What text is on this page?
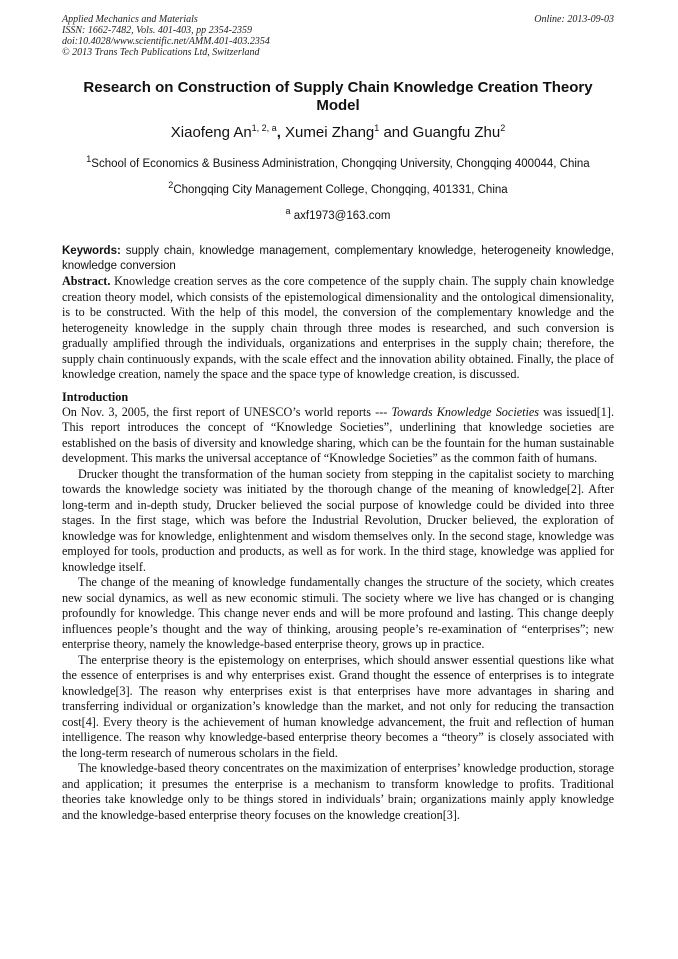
Applied Mechanics and Materials	Online: 2013-09-03
ISSN: 1662-7482, Vols. 401-403, pp 2354-2359
doi:10.4028/www.scientific.net/AMM.401-403.2354
© 2013 Trans Tech Publications Ltd, Switzerland
Research on Construction of Supply Chain Knowledge Creation Theory Model
Xiaofeng An$^{1, 2, a}$, Xumei Zhang$^1$ and Guangfu Zhu$^2$
$^1$School of Economics & Business Administration, Chongqing University, Chongqing 400044, China
$^2$Chongqing City Management College, Chongqing, 401331, China
$^a$ axf1973@163.com
Keywords: supply chain, knowledge management, complementary knowledge, heterogeneity knowledge, knowledge conversion

Abstract. Knowledge creation serves as the core competence of the supply chain. The supply chain knowledge creation theory model, which consists of the epistemological dimensionality and the ontological dimensionality, is to be constructed. With the help of this model, the conversion of the complementary knowledge and the heterogeneity knowledge in the supply chain through three modes is researched, and such conversion is gradually amplified through the individuals, organizations and enterprises in the supply chain; therefore, the supply chain continuously expands, with the scale effect and the innovation ability obtained. Finally, the place of knowledge creation, namely the space and the space type of knowledge creation, is discussed.

Introduction

On Nov. 3, 2005, the first report of UNESCO’s world reports --- Towards Knowledge Societies was issued[1]. This report introduces the concept of “Knowledge Societies”, underlining that knowledge societies are established on the basis of diversity and knowledge sharing, which can be the fountain for the human sustainable development. This marks the universal acceptance of “Knowledge Societies” as the common faith of humans.

Drucker thought the transformation of the human society from stepping in the capitalist society to marching towards the knowledge society was initiated by the thorough change of the meaning of knowledge[2]. After long-term and in-depth study, Drucker believed the social purpose of knowledge could be divided into three stages. In the first stage, which was before the Industrial Revolution, Drucker believed, the exploration of knowledge was for knowledge, enlightenment and wisdom themselves only. In the second stage, knowledge was employed for tools, production and products, as well as for work. In the third stage, knowledge was applied for knowledge itself.

The change of the meaning of knowledge fundamentally changes the structure of the society, which creates new social dynamics, as well as new economic stimuli. The society where we live has changed or is changing profoundly for knowledge. This change never ends and will be more profound and lasting. This change deeply influences people’s thought and the way of thinking, arousing people’s re-examination of “enterprises”; new enterprise theory, namely the knowledge-based enterprise theory, grows up in practice.

The enterprise theory is the epistemology on enterprises, which should answer essential questions like what the essence of enterprises is and why enterprises exist. Grand thought the essence of enterprises is to integrate knowledge[3]. The reason why enterprises exist is that enterprises have more advantages in sharing and transferring individual or organization’s knowledge than the market, and not only for reducing the transaction cost[4]. Every theory is the achievement of human knowledge advancement, the fruit and reflection of human intelligence. The reason why knowledge-based enterprise theory becomes a “theory” is closely associated with the long-term research of numerous scholars in the field.

The knowledge-based theory concentrates on the maximization of enterprises’ knowledge production, storage and application; it presumes the enterprise is a mechanism to transform knowledge to profits. Traditional theories take knowledge only to be things stored in individuals’ brain; organizations mainly apply knowledge and the knowledge-based enterprise theory focuses on the knowledge creation[3].
